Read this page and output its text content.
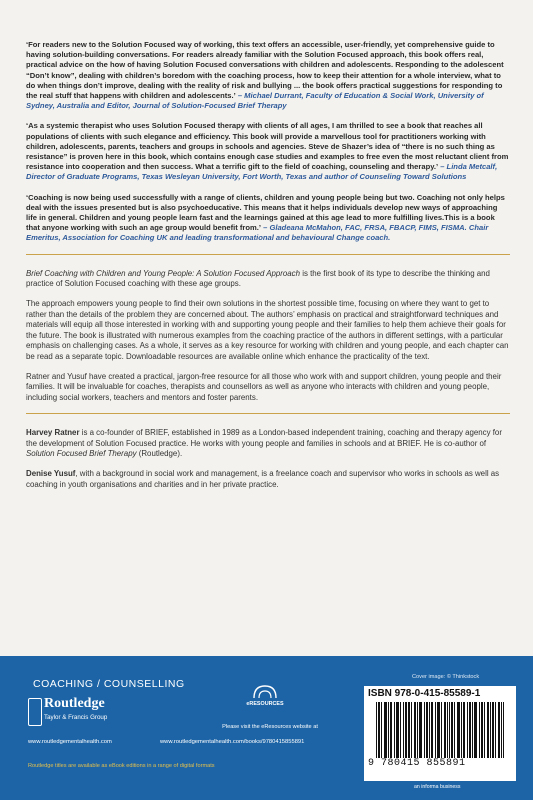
‘For readers new to the Solution Focused way of working, this text offers an accessible, user-friendly, yet comprehensive guide to having solution-building conversations. For readers already familiar with the Solution Focused approach, this book offers real, practical advice on the how of having Solution Focused conversations with children and adolescents. Responding to the adolescent “Don’t know”, dealing with children’s boredom with the coaching process, how to keep their attention for a whole interview, what to do when things don’t improve, dealing with the reality of risk and bullying ... the book offers practical suggestions for responding to the real stuff that happens with children and adolescents.’ – Michael Durrant, Faculty of Education & Social Work, University of Sydney, Australia and Editor, Journal of Solution-Focused Brief Therapy

‘As a systemic therapist who uses Solution Focused therapy with clients of all ages, I am thrilled to see a book that reaches all populations of clients with such elegance and efficiency. This book will provide a marvellous tool for practitioners working with children, adolescents, parents, teachers and groups in schools and agencies. Steve de Shazer’s idea of “there is no such thing as resistance” is proven here in this book, which contains enough case studies and examples to free even the most reluctant client from resistance into cooperation and then success. What a terrific gift to the field of coaching, counseling and therapy.’ – Linda Metcalf, Director of Graduate Programs, Texas Wesleyan University, Fort Worth, Texas and author of Counseling Toward Solutions

‘Coaching is now being used successfully with a range of clients, children and young people being but two. Coaching not only helps deal with the issues presented but is also psychoeducative. This means that it helps individuals develop new ways of approaching life in general. Children and young people learn fast and the learnings gained at this age lead to more fulfilling lives.This is a book that anyone working with such an age group would benefit from.’ – Gladeana McMahon, FAC, FRSA, FBACP, FIMS, FISMA. Chair Emeritus, Association for Coaching UK and leading transformational and behavioural Change coach.

Brief Coaching with Children and Young People: A Solution Focused Approach is the first book of its type to describe the thinking and practice of Solution Focused coaching with these age groups.

The approach empowers young people to find their own solutions in the shortest possible time, focusing on where they want to get to rather than the details of the problem they are concerned about. The authors’ emphasis on practical and straightforward techniques and materials will equip all those interested in working with and supporting young people and their families to help them achieve their goals for the future. The book is illustrated with numerous examples from the coaching practice of the authors in different settings, with a particular emphasis on challenging cases. As a whole, it serves as a key resource for working with children and young people, and each chapter can be read as a separate topic. Downloadable resources are available online which enhance the practicality of the text.

Ratner and Yusuf have created a practical, jargon-free resource for all those who work with and support children, young people and their families. It will be invaluable for coaches, therapists and counsellors as well as anyone who interacts with children and young people, including social workers, teachers and mentors and foster parents.

Harvey Ratner is a co-founder of BRIEF, established in 1989 as a London-based independent training, coaching and therapy agency for the development of Solution Focused practice. He works with young people and families in schools and at BRIEF. He is co-author of Solution Focused Brief Therapy (Routledge).

Denise Yusuf, with a background in social work and management, is a freelance coach and supervisor who works in schools as well as coaching in youth organisations and charities and in her private practice.

COACHING / COUNSELLING
Routledge
Taylor & Francis Group
www.routledgementalhealth.com
Routledge titles are available as eBook editions in a range of digital formats
eRESOURCES
Please visit the eResources website at
www.routledgementalhealth.com/books/9780415855891
Cover image: © Thinkstock
ISBN 978-0-415-85589-1
9 780415 855891
an informa business
